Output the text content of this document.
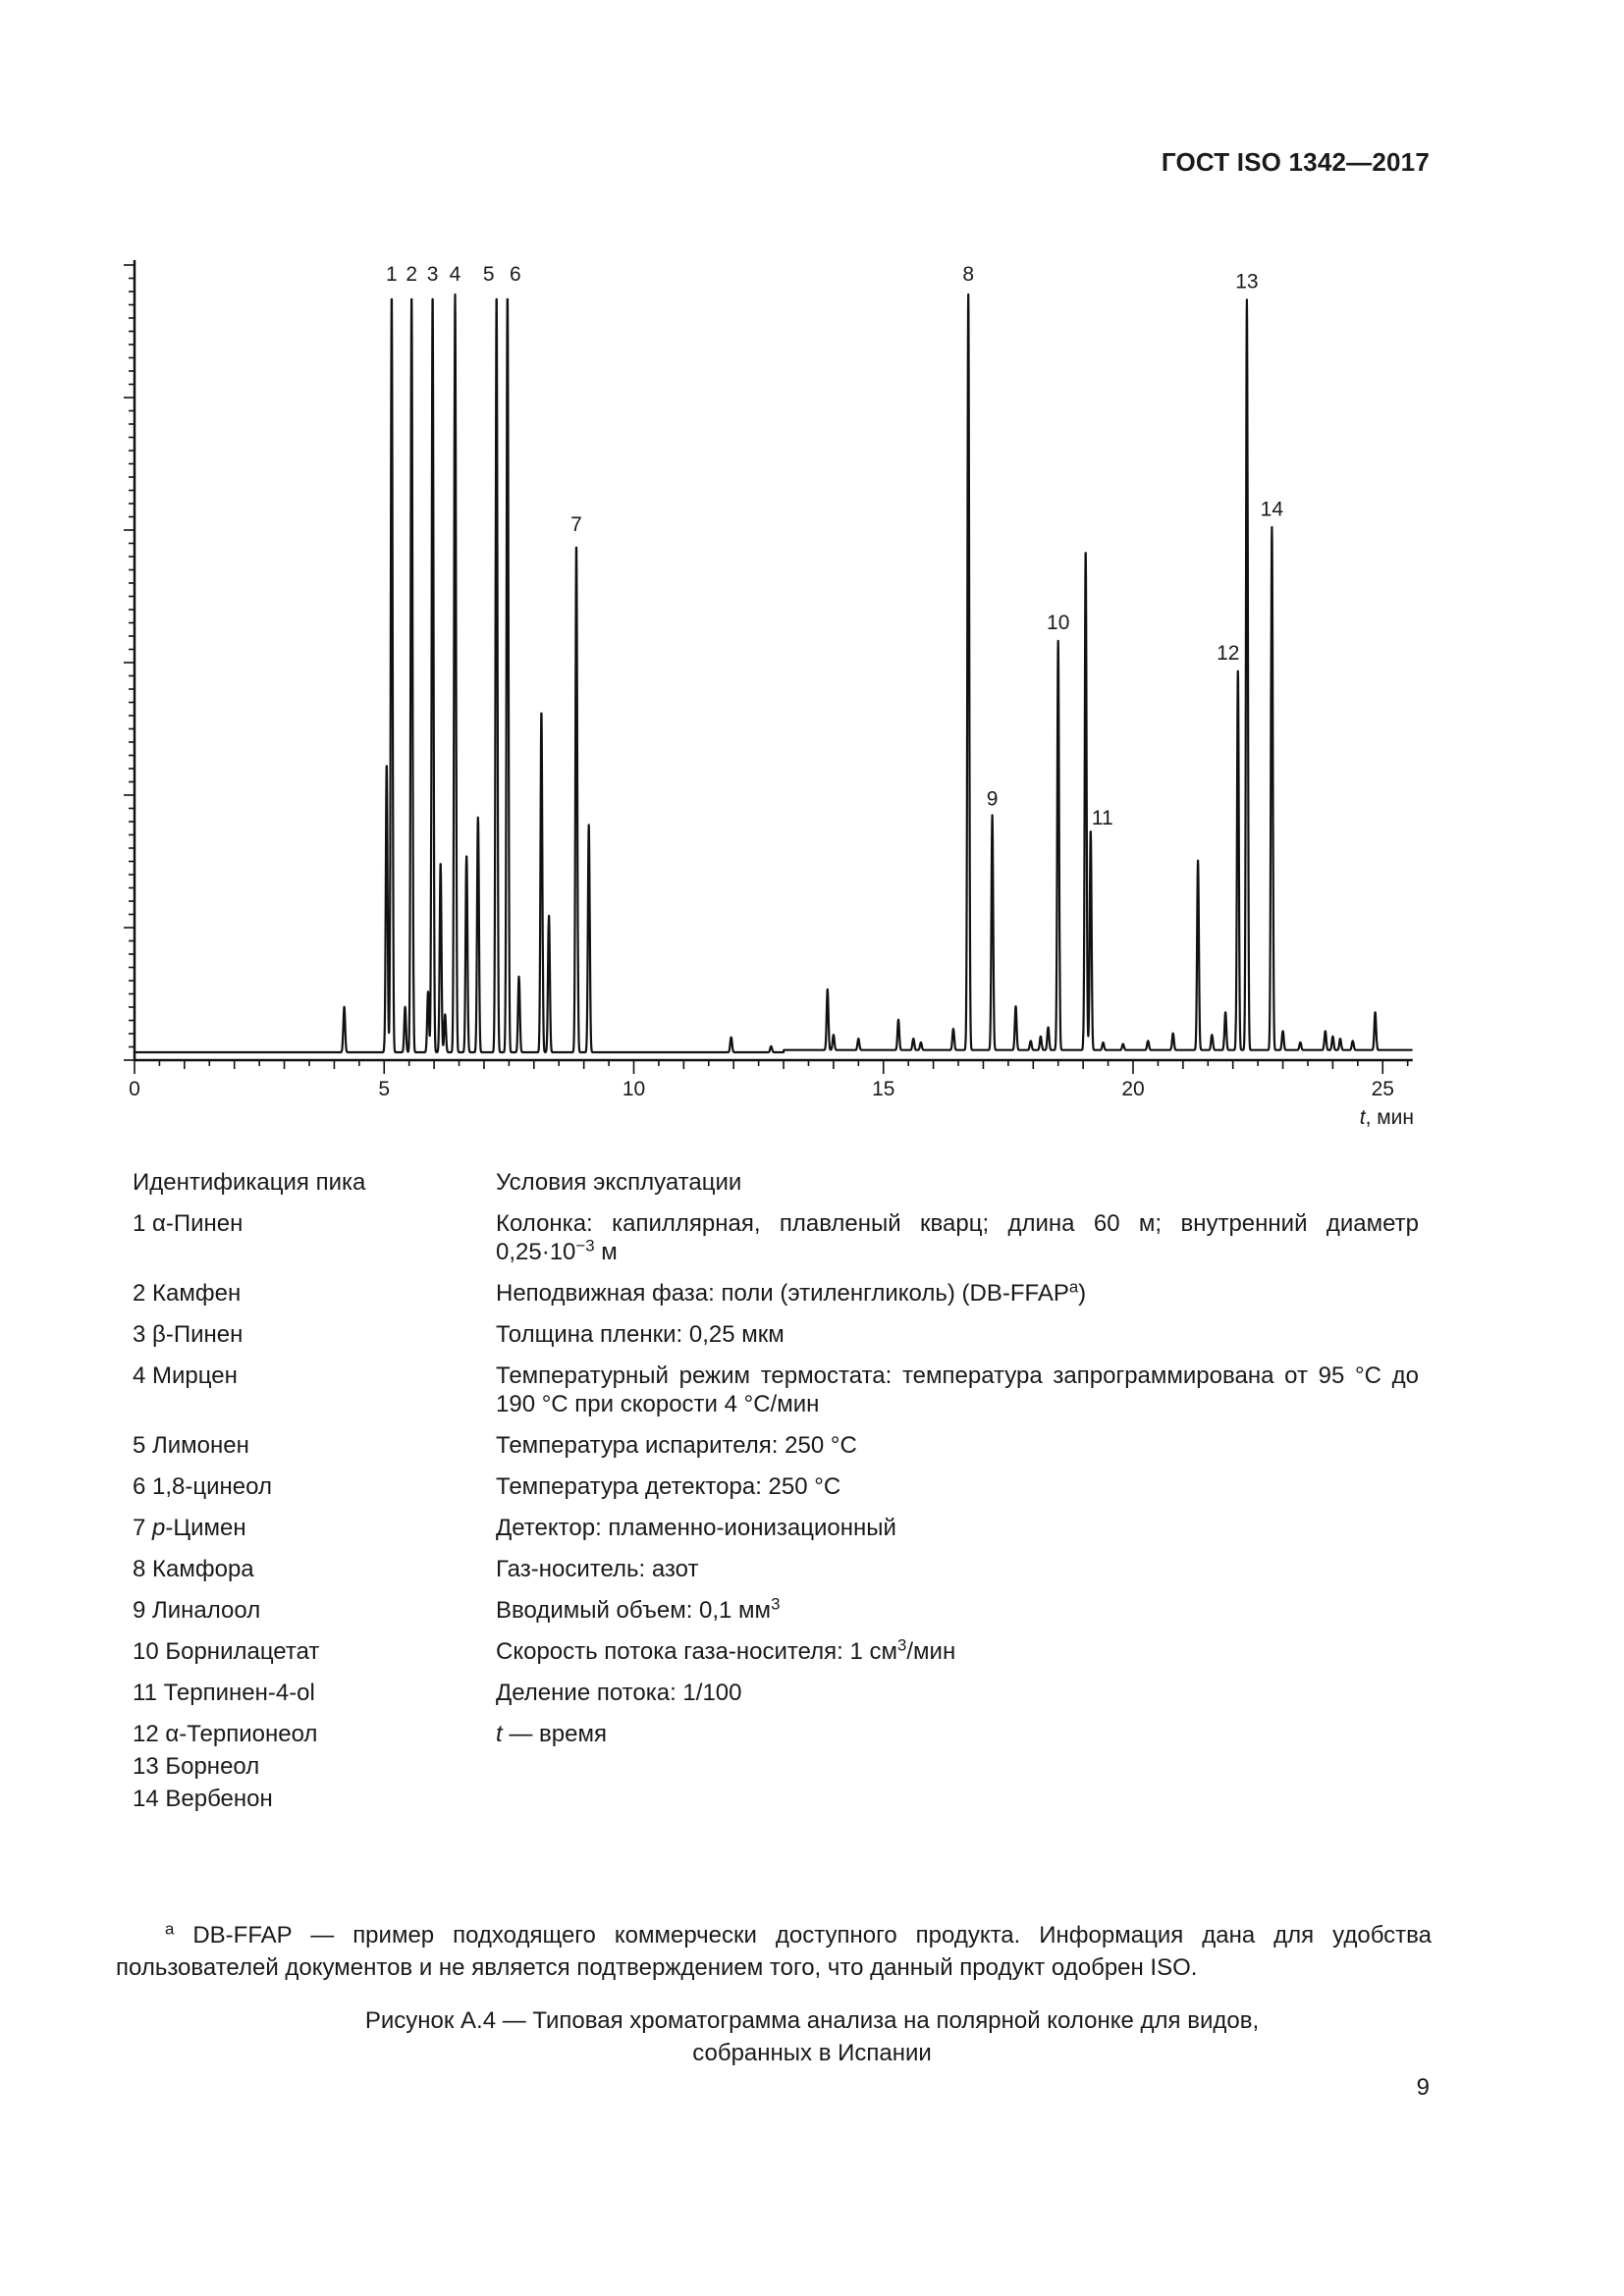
ГОСТ ISO 1342—2017
1 2 3 4 5 6
7
8
9
10
11
12
13
14
0	5	10	15	20	25
t, мин
Идентификация пика	Условия эксплуатации
1 α-Пинен	Колонка: капиллярная, плавленый кварц; длина 60 м; внутренний диаметр $0,25\cdot 10^{-3}$ м
2 Камфен	Неподвижная фаза: поли (этиленгликоль) (DB-FFAP$^a$)
3 β-Пинен	Толщина пленки: 0,25 мкм
4 Мирцен	Температурный режим термостата: температура запрограммирована от 95 °C до 190 °C при скорости 4 °C/мин
5 Лимонен	Температура испарителя: 250 °C
6 1,8-цинеол	Температура детектора: 250 °C
7 p-Цимен	Детектор: пламенно-ионизационный
8 Камфора	Газ-носитель: азот
9 Линалоол	Вводимый объем: 0,1 $мм^3$
10 Борнилацетат	Скорость потока газа-носителя: 1 $см^3$/мин
11 Терпинен-4-ol	Деление потока: 1/100
12 α-Терпионеол	t — время
13 Борнеол	
14 Вербенон	
$^a$ DB-FFAP — пример подходящего коммерчески доступного продукта. Информация дана для удобства пользователей документов и не является подтверждением того, что данный продукт одобрен ISO.
Рисунок А.4 — Типовая хроматограмма анализа на полярной колонке для видов,
собранных в Испании
9
